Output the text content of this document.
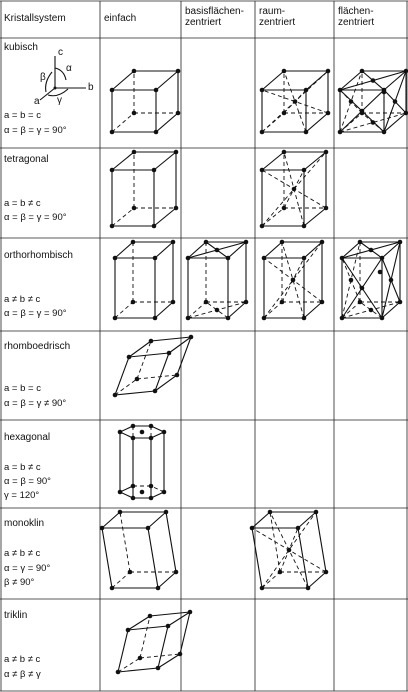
Kristallsystem	einfach
basisflächen-
zentriert
raum-
zentriert
flächen-
zentriert
kubisch
a = b = c
α = β = γ = 90°
tetragonal
a = b ≠ c
α = β = γ = 90°
orthorhombisch
a ≠ b ≠ c
α = β = γ = 90°
rhomboedrisch
a = b = c
α = β = γ ≠ 90°
hexagonal
a = b ≠ c
α = β = 90°
γ = 120°
monoklin
a ≠ b ≠ c
α = γ = 90°
β ≠ 90°
triklin
a ≠ b ≠ c
α ≠ β ≠ γ
c
b
a
α
β
γ
